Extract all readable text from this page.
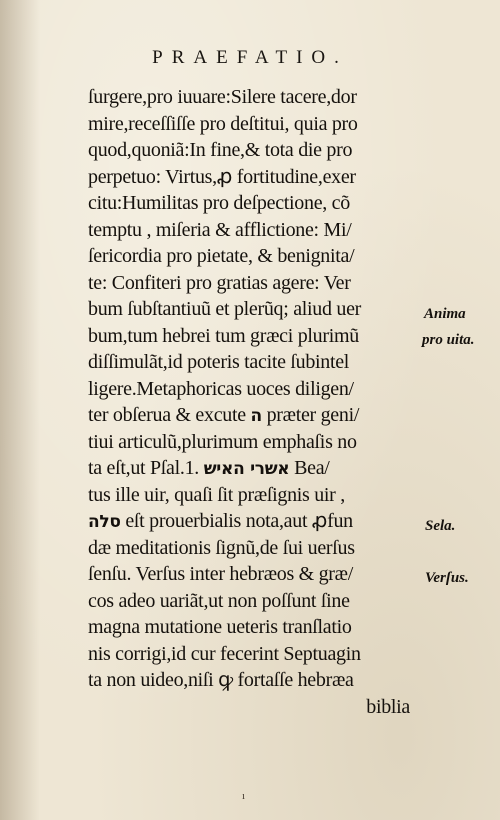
PRAEFATIO.
ſurgere,pro iuuare:Silere tacere,dor
mire,receſſiſſe pro deſtitui, quia pro
quod,quoniã:In fine,& tota die pro
perpetuo: Virtus,ꝓ fortitudine,exer
citu:Humilitas pro deſpectione, cõ
temptu , miſeria & afflictione: Mi/
ſericordia pro pietate, & benignita/
te: Confiteri pro gratias agere: Ver
bum ſubſtantiuũ et plerũq; aliud uer
bum,tum hebrei tum græci plurimũ
diſſimulãt,id poteris tacite ſubintel
ligere.Metaphoricas uoces diligen/
ter obſerua & excute ה præter geni/
tiui articulũ,plurimum emphaſis no
ta eſt,ut Pſal.1. אשרי האיש Bea/
tus ille uir, quaſi ſit præſignis uir ,
סלה eſt prouerbialis nota,aut ꝓfun
dæ meditationis ſignũ,de ſui uerſus
ſenſu. Verſus inter hebræos & græ/
cos adeo uariãt,ut non poſſunt ſine
magna mutatione ueteris tranſlatio
nis corrigi,id cur fecerint Septuagin
ta non uideo,niſi ꝙ fortaſſe hebræa
biblia
Anima
pro uita.
Sela.
Verſus.
ı
